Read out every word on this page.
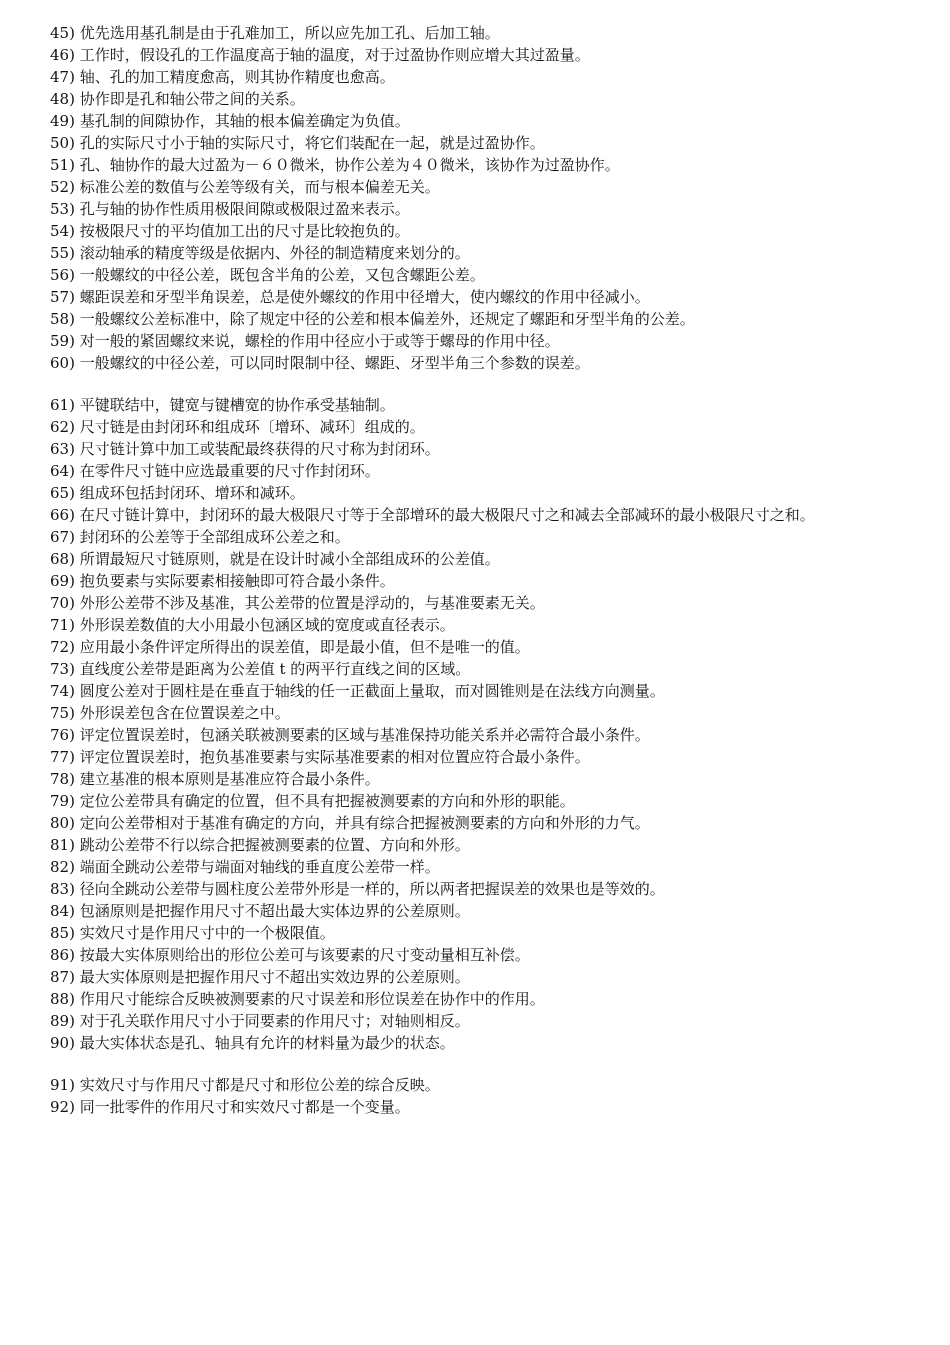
45) 优先选用基孔制是由于孔难加工，所以应先加工孔、后加工轴。
46) 工作时，假设孔的工作温度高于轴的温度，对于过盈协作则应增大其过盈量。
47) 轴、孔的加工精度愈高，则其协作精度也愈高。
48) 协作即是孔和轴公带之间的关系。
49) 基孔制的间隙协作，其轴的根本偏差确定为负值。
50) 孔的实际尺寸小于轴的实际尺寸，将它们装配在一起，就是过盈协作。
51) 孔、轴协作的最大过盈为－６０微米，协作公差为４０微米，该协作为过盈协作。
52) 标准公差的数值与公差等级有关，而与根本偏差无关。
53) 孔与轴的协作性质用极限间隙或极限过盈来表示。
54) 按极限尺寸的平均值加工出的尺寸是比较抱负的。
55) 滚动轴承的精度等级是依据内、外径的制造精度来划分的。
56) 一般螺纹的中径公差，既包含半角的公差，又包含螺距公差。
57) 螺距误差和牙型半角误差，总是使外螺纹的作用中径增大，使内螺纹的作用中径减小。
58) 一般螺纹公差标准中，除了规定中径的公差和根本偏差外，还规定了螺距和牙型半角的公差。
59) 对一般的紧固螺纹来说，螺栓的作用中径应小于或等于螺母的作用中径。
60) 一般螺纹的中径公差，可以同时限制中径、螺距、牙型半角三个参数的误差。
61) 平键联结中，键宽与键槽宽的协作承受基轴制。
62) 尺寸链是由封闭环和组成环〔增环、减环〕组成的。
63) 尺寸链计算中加工或装配最终获得的尺寸称为封闭环。
64) 在零件尺寸链中应选最重要的尺寸作封闭环。
65) 组成环包括封闭环、增环和减环。
66) 在尺寸链计算中，封闭环的最大极限尺寸等于全部增环的最大极限尺寸之和减去全部减环的最小极限尺寸之和。
67) 封闭环的公差等于全部组成环公差之和。
68) 所谓最短尺寸链原则，就是在设计时减小全部组成环的公差值。
69) 抱负要素与实际要素相接触即可符合最小条件。
70) 外形公差带不涉及基准，其公差带的位置是浮动的，与基准要素无关。
71) 外形误差数值的大小用最小包涵区域的宽度或直径表示。
72) 应用最小条件评定所得出的误差值，即是最小值，但不是唯一的值。
73) 直线度公差带是距离为公差值 t 的两平行直线之间的区域。
74) 圆度公差对于圆柱是在垂直于轴线的任一正截面上量取，而对圆锥则是在法线方向测量。
75) 外形误差包含在位置误差之中。
76) 评定位置误差时，包涵关联被测要素的区域与基准保持功能关系并必需符合最小条件。
77) 评定位置误差时，抱负基准要素与实际基准要素的相对位置应符合最小条件。
78) 建立基准的根本原则是基准应符合最小条件。
79) 定位公差带具有确定的位置，但不具有把握被测要素的方向和外形的职能。
80) 定向公差带相对于基准有确定的方向，并具有综合把握被测要素的方向和外形的力气。
81) 跳动公差带不行以综合把握被测要素的位置、方向和外形。
82) 端面全跳动公差带与端面对轴线的垂直度公差带一样。
83) 径向全跳动公差带与圆柱度公差带外形是一样的，所以两者把握误差的效果也是等效的。
84) 包涵原则是把握作用尺寸不超出最大实体边界的公差原则。
85) 实效尺寸是作用尺寸中的一个极限值。
86) 按最大实体原则给出的形位公差可与该要素的尺寸变动量相互补偿。
87) 最大实体原则是把握作用尺寸不超出实效边界的公差原则。
88) 作用尺寸能综合反映被测要素的尺寸误差和形位误差在协作中的作用。
89) 对于孔关联作用尺寸小于同要素的作用尺寸；对轴则相反。
90) 最大实体状态是孔、轴具有允许的材料量为最少的状态。
91) 实效尺寸与作用尺寸都是尺寸和形位公差的综合反映。
92) 同一批零件的作用尺寸和实效尺寸都是一个变量。
